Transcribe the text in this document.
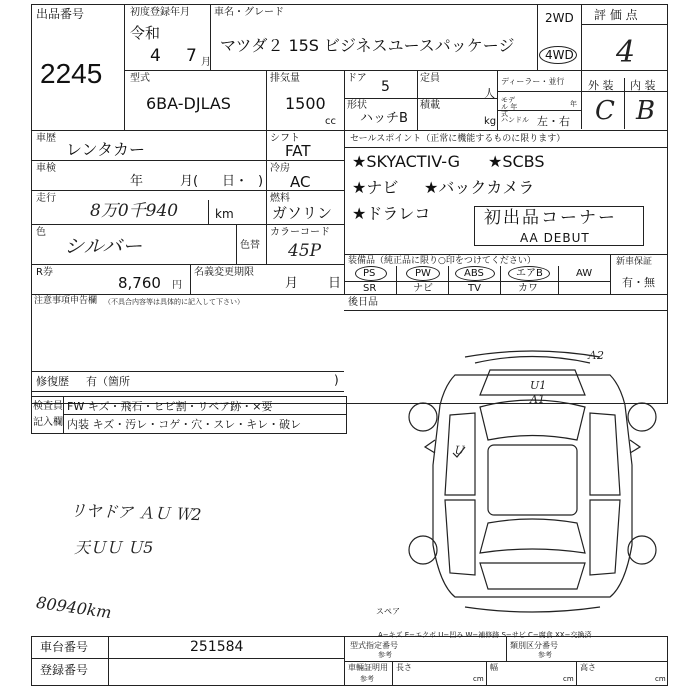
出品番号
2245
初度登録年月
令和
4 7 月
車名・グレード
マツダ２ 15S ビジネスユースパッケージ
2WD
4WD
評 価 点
4
外 装 内 装
C B
型式
6BA-DJLAS
排気量
1500
cc
ドア
5
定員
人
形状
ハッチB
積載
kg
ディーラー・並行
モデル 年式
年
ハンドル 左・右
車歴
レンタカー
シフト
FAT
車検
年	月( 日・ )
冷房
AC
走行
8万0千940	km
燃料
ガソリン
色
シルバー	色替
カラーコード
45P
R券
8,760 円
名義変更期限
月 日
セールスポイント（正常に機能するものに限ります）
★SKYACTIV-G ★SCBS
★ナビ ★バックカメラ
★ドラレコ	初出品コーナー
AA DEBUT
装備品（純正品に限り○印をつけてください）	新車保証
有・無
PS	PW	ABS	エアB	AW
SR	ナビ	TV	カワ
注意事項申告欄 （不具合内容等は具体的に記入して下さい）	後日品
修復歴 有（箇所	)
検査員
記入欄
FW キズ・飛石・ヒビ割・リペア跡・×要
内装 キズ・汚レ・コゲ・穴・スレ・キレ・破レ
リヤドア ＡＵ Ｗ2
天ＵＵ Ｕ5
80940km
U1
A1
Ｕ
Ａ2
スペア
A−キズ E−エクボ U−凹み W−補修跡 S−サビ C−腐食 XX−交換済
車台番号	251584
登録番号
型式指定番号
参考
類別区分番号
参考
車輛証明用
参考
長さ
cm
幅
cm
高さ
cm
